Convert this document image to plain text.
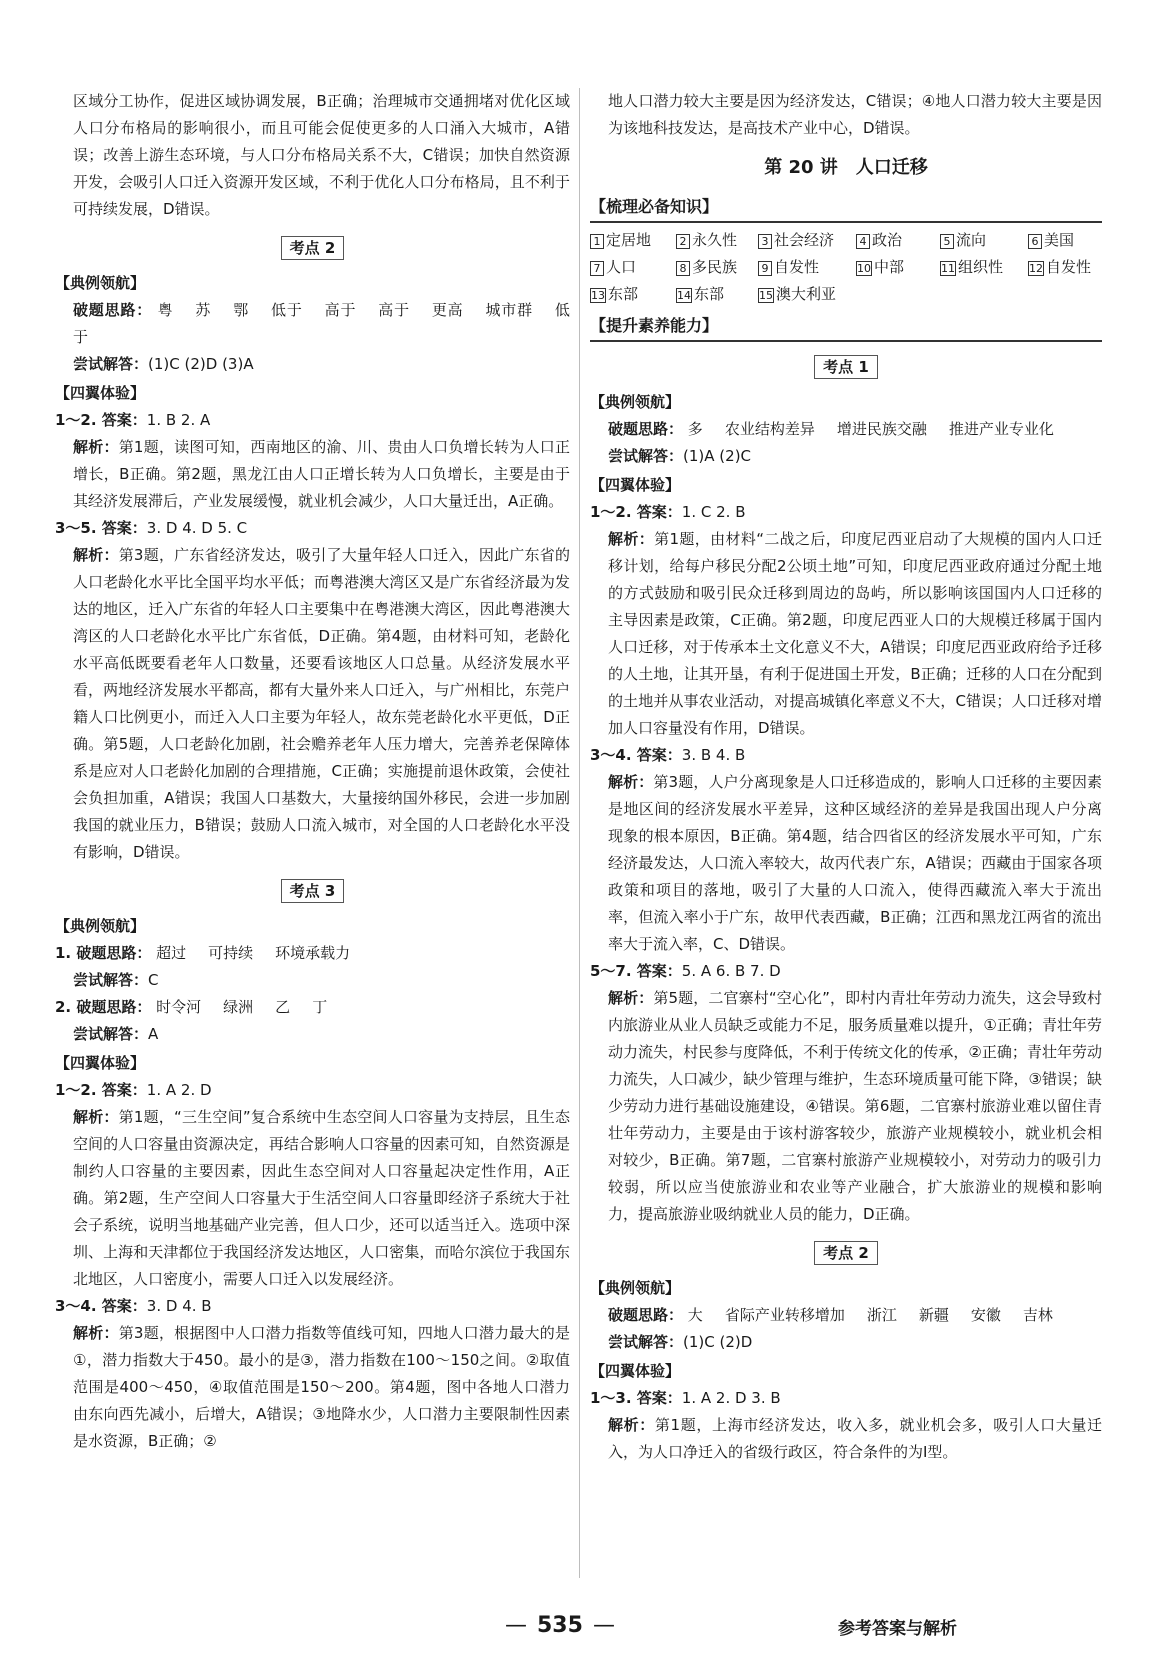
区域分工协作，促进区域协调发展，B正确；治理城市交通拥堵对优化区域人口分布格局的影响很小，而且可能会促使更多的人口涌入大城市，A错误；改善上游生态环境，与人口分布格局关系不大，C错误；加快自然资源开发，会吸引人口迁入资源开发区域，不利于优化人口分布格局，且不利于可持续发展，D错误。

考点 2
【典例领航】

破题思路： 粤 苏 鄂 低于 高于 高于 更高 城市群 低于

尝试解答：(1)C (2)D (3)A

【四翼体验】

1～2. 答案：1. B 2. A

解析：第1题，读图可知，西南地区的渝、川、贵由人口负增长转为人口正增长，B正确。第2题，黑龙江由人口正增长转为人口负增长，主要是由于其经济发展滞后，产业发展缓慢，就业机会减少，人口大量迁出，A正确。

3～5. 答案：3. D 4. D 5. C

解析：第3题，广东省经济发达，吸引了大量年轻人口迁入，因此广东省的人口老龄化水平比全国平均水平低；而粤港澳大湾区又是广东省经济最为发达的地区，迁入广东省的年轻人口主要集中在粤港澳大湾区，因此粤港澳大湾区的人口老龄化水平比广东省低，D正确。第4题，由材料可知，老龄化水平高低既要看老年人口数量，还要看该地区人口总量。从经济发展水平看，两地经济发展水平都高，都有大量外来人口迁入，与广州相比，东莞户籍人口比例更小，而迁入人口主要为年轻人，故东莞老龄化水平更低，D正确。第5题，人口老龄化加剧，社会赡养老年人压力增大，完善养老保障体系是应对人口老龄化加剧的合理措施，C正确；实施提前退休政策，会使社会负担加重，A错误；我国人口基数大，大量接纳国外移民，会进一步加剧我国的就业压力，B错误；鼓励人口流入城市，对全国的人口老龄化水平没有影响，D错误。

考点 3
【典例领航】

1. 破题思路： 超过 可持续 环境承载力

尝试解答：C

2. 破题思路： 时令河 绿洲 乙 丁

尝试解答：A

【四翼体验】

1～2. 答案：1. A 2. D

解析：第1题，“三生空间”复合系统中生态空间人口容量为支持层，且生态空间的人口容量由资源决定，再结合影响人口容量的因素可知，自然资源是制约人口容量的主要因素，因此生态空间对人口容量起决定性作用，A正确。第2题，生产空间人口容量大于生活空间人口容量即经济子系统大于社会子系统，说明当地基础产业完善，但人口少，还可以适当迁入。选项中深圳、上海和天津都位于我国经济发达地区，人口密集，而哈尔滨位于我国东北地区，人口密度小，需要人口迁入以发展经济。

3～4. 答案：3. D 4. B

解析：第3题，根据图中人口潜力指数等值线可知，四地人口潜力最大的是①，潜力指数大于450。最小的是③，潜力指数在100～150之间。②取值范围是400～450，④取值范围是150～200。第4题，图中各地人口潜力由东向西先减小，后增大，A错误；③地降水少，人口潜力主要限制性因素是水资源，B正确；②

地人口潜力较大主要是因为经济发达，C错误；④地人口潜力较大主要是因为该地科技发达，是高技术产业中心，D错误。

第 20 讲　人口迁移
【梳理必备知识】
1 定居地	2 永久性	3 社会经济	4 政治	5 流向	6 美国
7 人口	8 多民族	9 自发性	10 中部	11 组织性	12 自发性
13 东部	14 东部	15 澳大利亚
【提升素养能力】
考点 1
【典例领航】

破题思路： 多 农业结构差异 增进民族交融 推进产业专业化

尝试解答：(1)A (2)C

【四翼体验】

1～2. 答案：1. C 2. B

解析：第1题，由材料“二战之后，印度尼西亚启动了大规模的国内人口迁移计划，给每户移民分配2公顷土地”可知，印度尼西亚政府通过分配土地的方式鼓励和吸引民众迁移到周边的岛屿，所以影响该国国内人口迁移的主导因素是政策，C正确。第2题，印度尼西亚人口的大规模迁移属于国内人口迁移，对于传承本土文化意义不大，A错误；印度尼西亚政府给予迁移的人土地，让其开垦，有利于促进国土开发，B正确；迁移的人口在分配到的土地并从事农业活动，对提高城镇化率意义不大，C错误；人口迁移对增加人口容量没有作用，D错误。

3～4. 答案：3. B 4. B

解析：第3题，人户分离现象是人口迁移造成的，影响人口迁移的主要因素是地区间的经济发展水平差异，这种区域经济的差异是我国出现人户分离现象的根本原因，B正确。第4题，结合四省区的经济发展水平可知，广东经济最发达，人口流入率较大，故丙代表广东，A错误；西藏由于国家各项政策和项目的落地，吸引了大量的人口流入，使得西藏流入率大于流出率，但流入率小于广东，故甲代表西藏，B正确；江西和黑龙江两省的流出率大于流入率，C、D错误。

5～7. 答案：5. A 6. B 7. D

解析：第5题，二官寨村“空心化”，即村内青壮年劳动力流失，这会导致村内旅游业从业人员缺乏或能力不足，服务质量难以提升，①正确；青壮年劳动力流失，村民参与度降低，不利于传统文化的传承，②正确；青壮年劳动力流失，人口减少，缺少管理与维护，生态环境质量可能下降，③错误；缺少劳动力进行基础设施建设，④错误。第6题，二官寨村旅游业难以留住青壮年劳动力，主要是由于该村游客较少，旅游产业规模较小，就业机会相对较少，B正确。第7题，二官寨村旅游产业规模较小，对劳动力的吸引力较弱，所以应当使旅游业和农业等产业融合，扩大旅游业的规模和影响力，提高旅游业吸纳就业人员的能力，D正确。

考点 2
【典例领航】

破题思路： 大 省际产业转移增加 浙江 新疆 安徽 吉林

尝试解答：(1)C (2)D

【四翼体验】

1～3. 答案：1. A 2. D 3. B

解析：第1题，上海市经济发达，收入多，就业机会多，吸引人口大量迁入，为人口净迁入的省级行政区，符合条件的为Ⅰ型。

— 535 —	参考答案与解析
